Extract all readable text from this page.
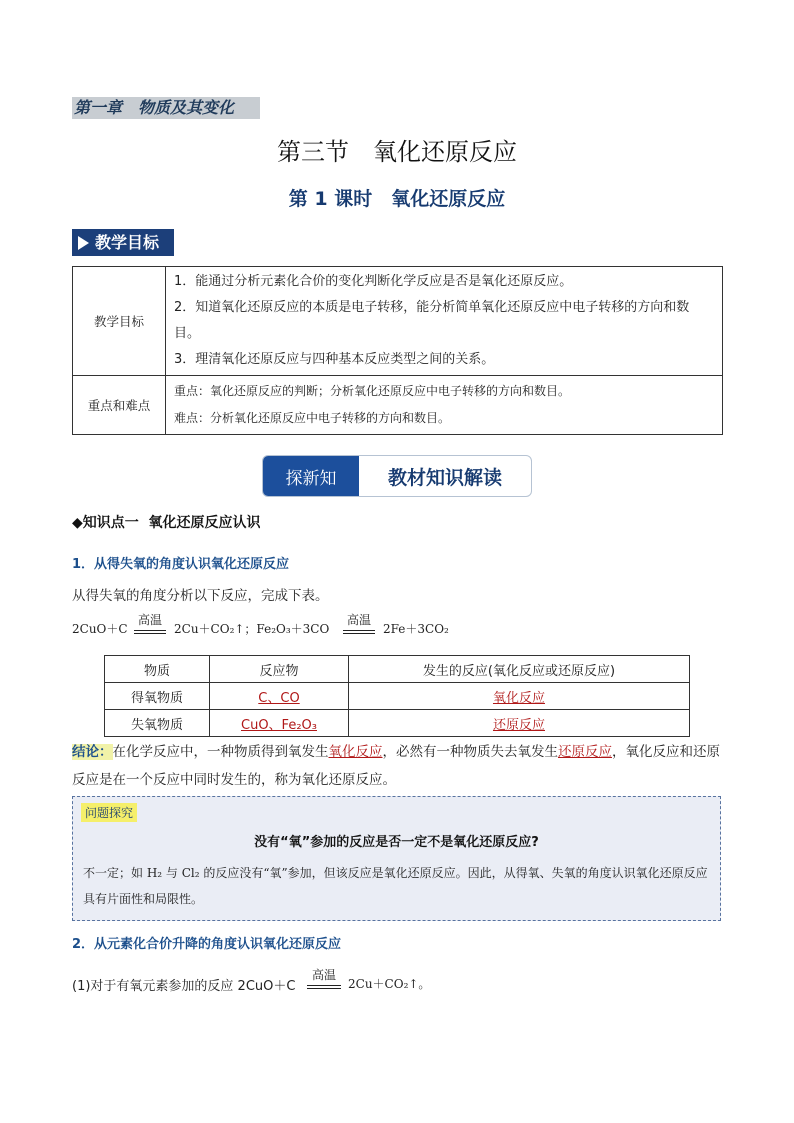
第一章　物质及其变化
第三节　氧化还原反应
第 1 课时　氧化还原反应
教学目标
教学目标	1．能通过分析元素化合价的变化判断化学反应是否是氧化还原反应。
2．知道氧化还原反应的本质是电子转移，能分析简单氧化还原反应中电子转移的方向和数目。
3．理清氧化还原反应与四种基本反应类型之间的关系。

重点和难点	重点：氧化还原反应的判断；分析氧化还原反应中电子转移的方向和数目。
难点：分析氧化还原反应中电子转移的方向和数目。
探新知	教材知识解读
◆知识点一  氧化还原反应认识
1．从得失氧的角度认识氧化还原反应
从得失氧的角度分析以下反应，完成下表。
2CuO＋C
高温
2Cu＋CO₂↑；Fe₂O₃＋3CO
高温
2Fe＋3CO₂
物质	反应物	发生的反应(氧化反应或还原反应)
得氧物质	C、CO	氧化反应
失氧物质	CuO、Fe₂O₃	还原反应
结论：在化学反应中，一种物质得到氧发生氧化反应，必然有一种物质失去氧发生还原反应，氧化反应和还原反应是在一个反应中同时发生的，称为氧化还原反应。
问题探究
没有“氧”参加的反应是否一定不是氧化还原反应?
不一定；如 H₂ 与 Cl₂ 的反应没有“氧”参加，但该反应是氧化还原反应。因此，从得氧、失氧的角度认识氧化还原反应具有片面性和局限性。
2．从元素化合价升降的角度认识氧化还原反应
(1)对于有氧元素参加的反应 2CuO＋C
高温
2Cu＋CO₂↑。
